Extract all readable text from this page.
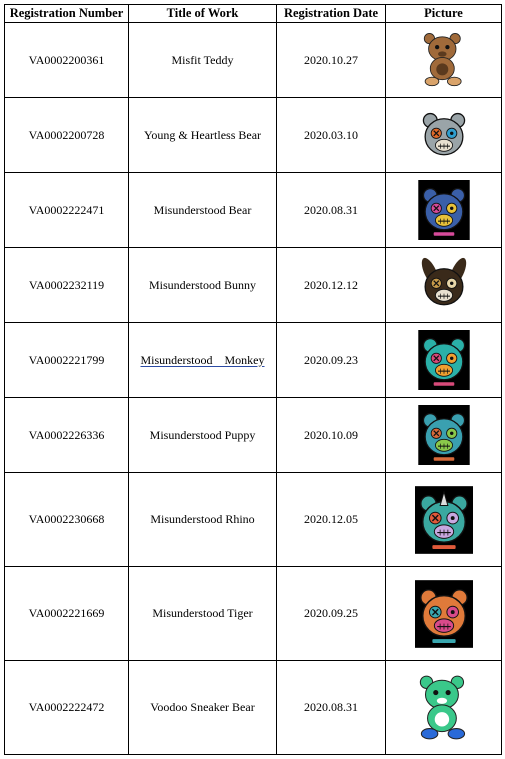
Registration Number	Title of Work	Registration Date	Picture
VA0002200361	Misfit Teddy	2020.10.27	

VA0002200728	Young & Heartless Bear	2020.03.10	

VA0002222471	Misunderstood Bear	2020.08.31	

VA0002232119	Misunderstood Bunny	2020.12.12	

VA0002221799	Misunderstood    Monkey	2020.09.23	

VA0002226336	Misunderstood Puppy	2020.10.09	

VA0002230668	Misunderstood Rhino	2020.12.05	

VA0002221669	Misunderstood Tiger	2020.09.25	

VA0002222472	Voodoo Sneaker Bear	2020.08.31	
